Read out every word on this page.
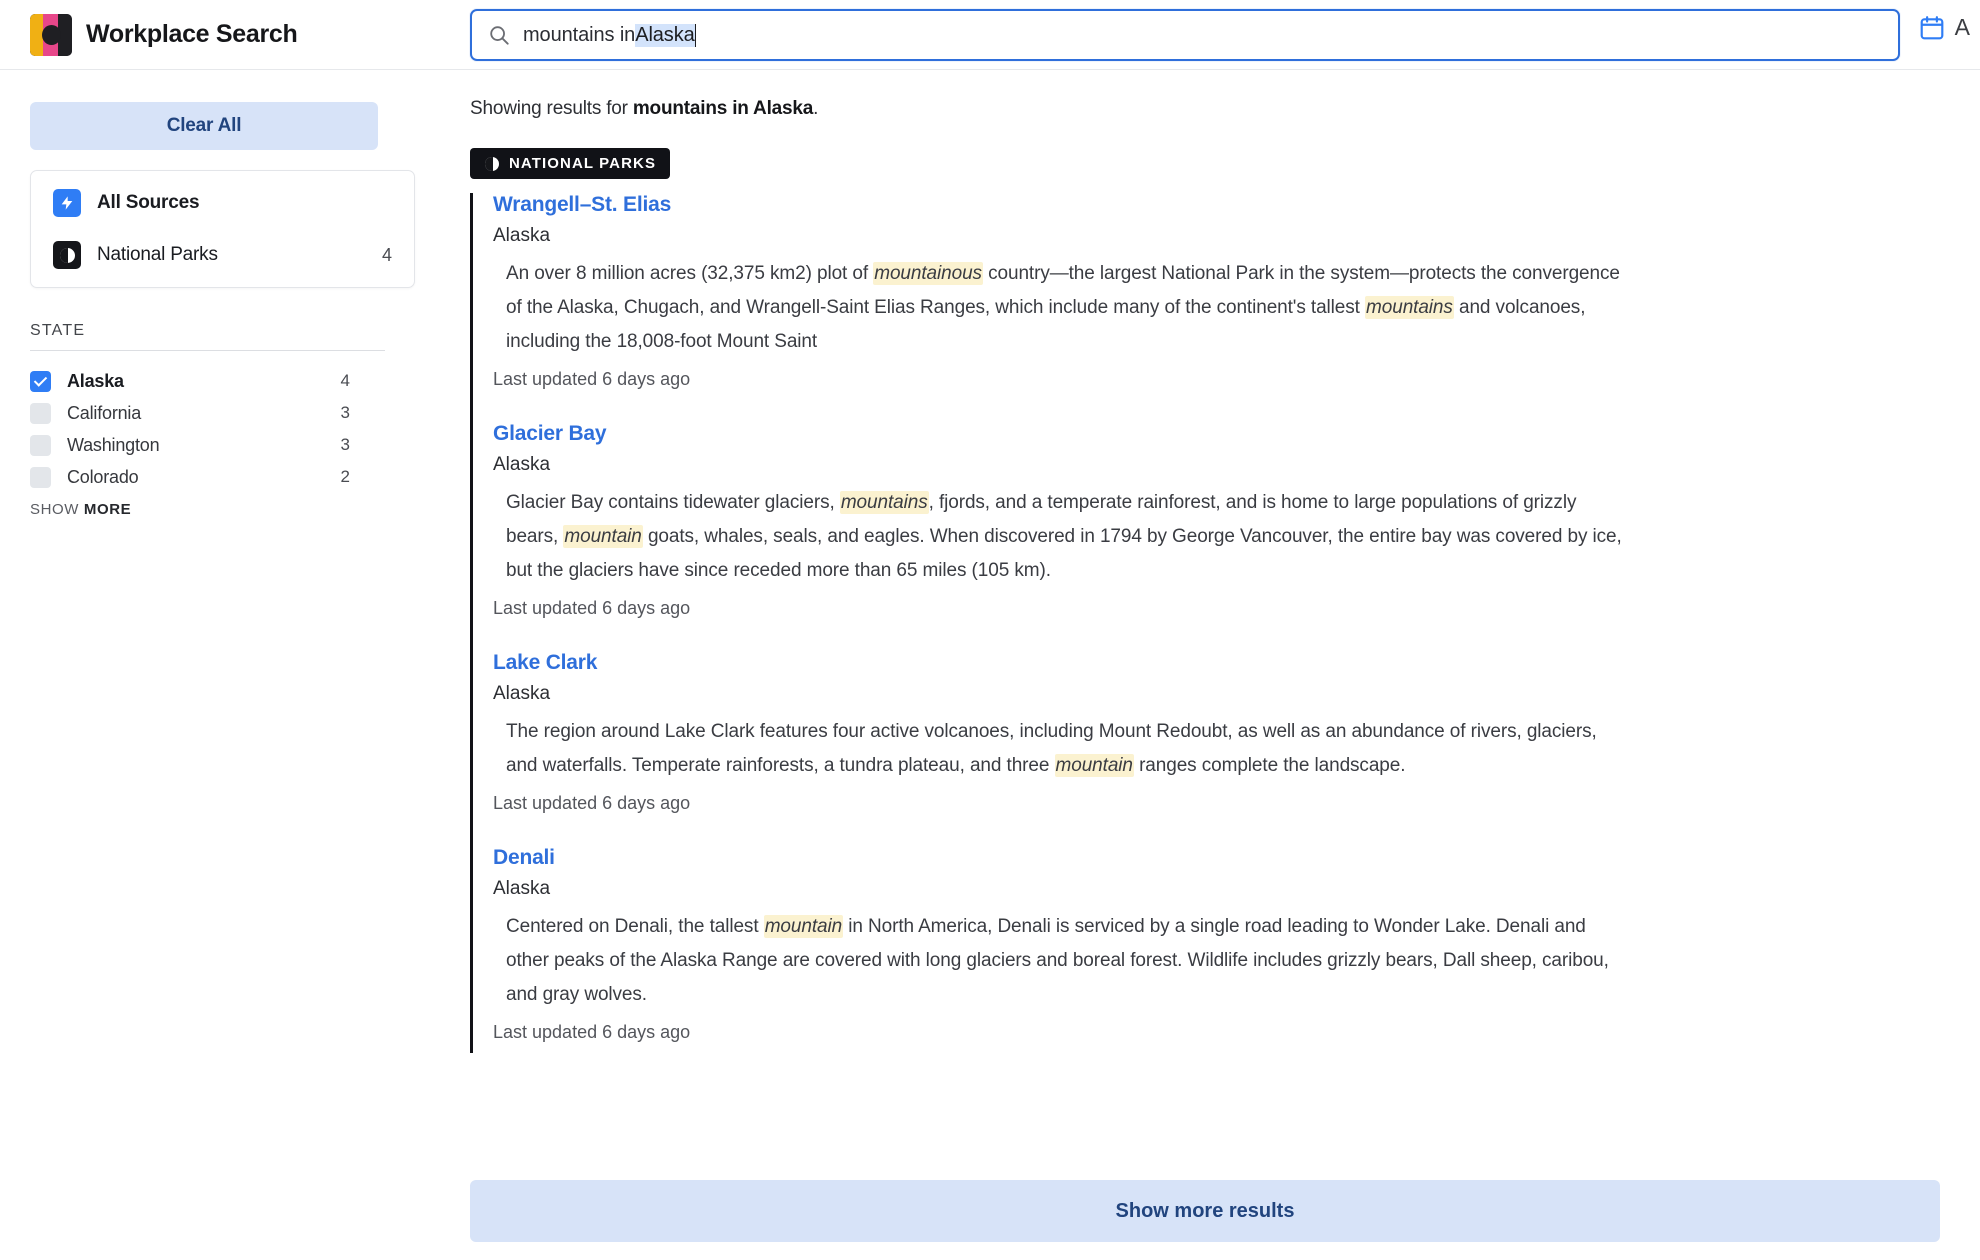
Workplace Search	mountains in Alaska	A
Clear All
All Sources
National Parks	4
STATE
Alaska	4
California	3
Washington	3
Colorado	2
SHOW MORE
Showing results for mountains in Alaska.
NATIONAL PARKS
Wrangell–St. Elias
Alaska
An over 8 million acres (32,375 km2) plot of mountainous country—the largest National Park in the system—protects the convergence of the Alaska, Chugach, and Wrangell-Saint Elias Ranges, which include many of the continent's tallest mountains and volcanoes, including the 18,008-foot Mount Saint
Last updated 6 days ago
Glacier Bay
Alaska
Glacier Bay contains tidewater glaciers, mountains, fjords, and a temperate rainforest, and is home to large populations of grizzly bears, mountain goats, whales, seals, and eagles. When discovered in 1794 by George Vancouver, the entire bay was covered by ice, but the glaciers have since receded more than 65 miles (105 km).
Last updated 6 days ago
Lake Clark
Alaska
The region around Lake Clark features four active volcanoes, including Mount Redoubt, as well as an abundance of rivers, glaciers, and waterfalls. Temperate rainforests, a tundra plateau, and three mountain ranges complete the landscape.
Last updated 6 days ago
Denali
Alaska
Centered on Denali, the tallest mountain in North America, Denali is serviced by a single road leading to Wonder Lake. Denali and other peaks of the Alaska Range are covered with long glaciers and boreal forest. Wildlife includes grizzly bears, Dall sheep, caribou, and gray wolves.
Last updated 6 days ago
Show more results
